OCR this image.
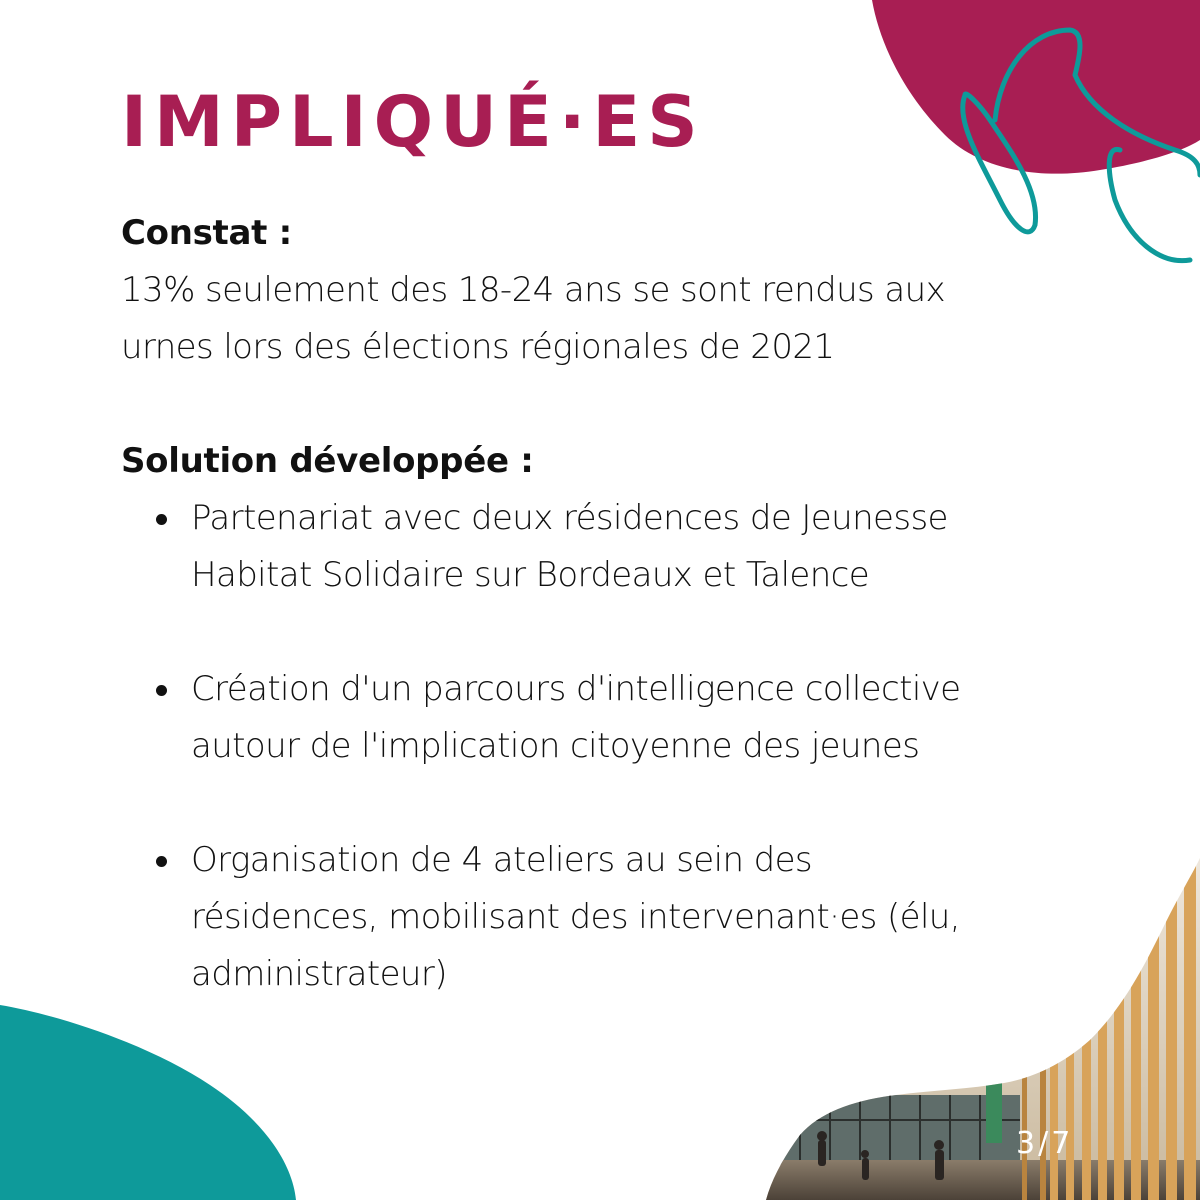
IMPLIQUÉ·ES
Constat :
13% seulement des 18-24 ans se sont rendus aux
urnes lors des élections régionales de 2021
Solution développée :
Partenariat avec deux résidences de Jeunesse
Habitat Solidaire sur Bordeaux et Talence
Création d'un parcours d'intelligence collective
autour de l'implication citoyenne des jeunes
Organisation de 4 ateliers au sein des
résidences, mobilisant des intervenant·es (élu,
administrateur)
3/7
